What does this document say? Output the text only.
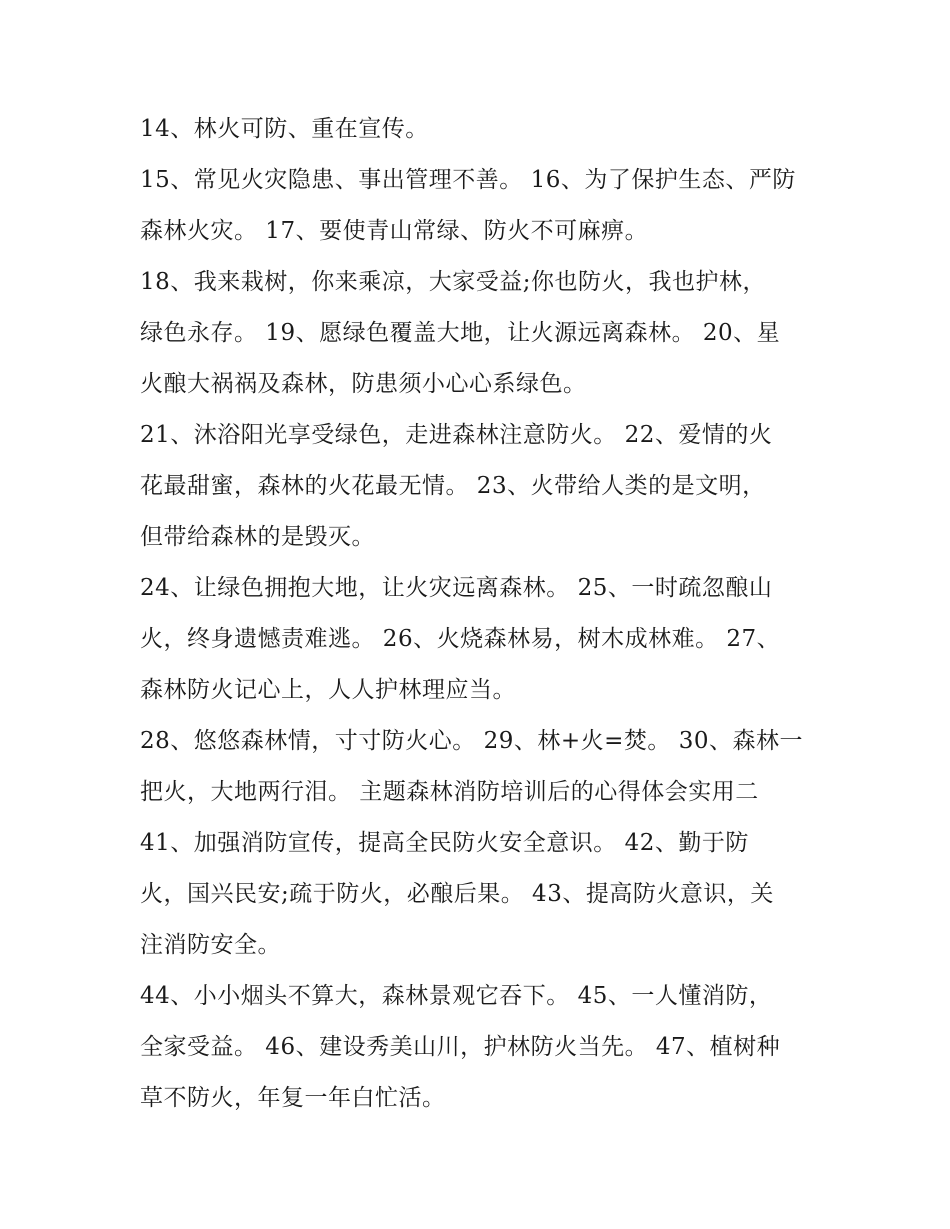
14、林火可防、重在宣传。
15、常见火灾隐患、事出管理不善。 16、为了保护生态、严防
森林火灾。 17、要使青山常绿、防火不可麻痹。
18、我来栽树，你来乘凉，大家受益;你也防火，我也护林，
绿色永存。 19、愿绿色覆盖大地，让火源远离森林。 20、星
火酿大祸祸及森林，防患须小心心系绿色。
21、沐浴阳光享受绿色，走进森林注意防火。 22、爱情的火
花最甜蜜，森林的火花最无情。 23、火带给人类的是文明，
但带给森林的是毁灭。
24、让绿色拥抱大地，让火灾远离森林。 25、一时疏忽酿山
火，终身遗憾责难逃。 26、火烧森林易，树木成林难。 27、
森林防火记心上，人人护林理应当。
28、悠悠森林情，寸寸防火心。 29、林+火=焚。 30、森林一
把火，大地两行泪。 主题森林消防培训后的心得体会实用二
41、加强消防宣传，提高全民防火安全意识。 42、勤于防
火，国兴民安;疏于防火，必酿后果。 43、提高防火意识，关
注消防安全。
44、小小烟头不算大，森林景观它吞下。 45、一人懂消防，
全家受益。 46、建设秀美山川，护林防火当先。 47、植树种
草不防火，年复一年白忙活。
